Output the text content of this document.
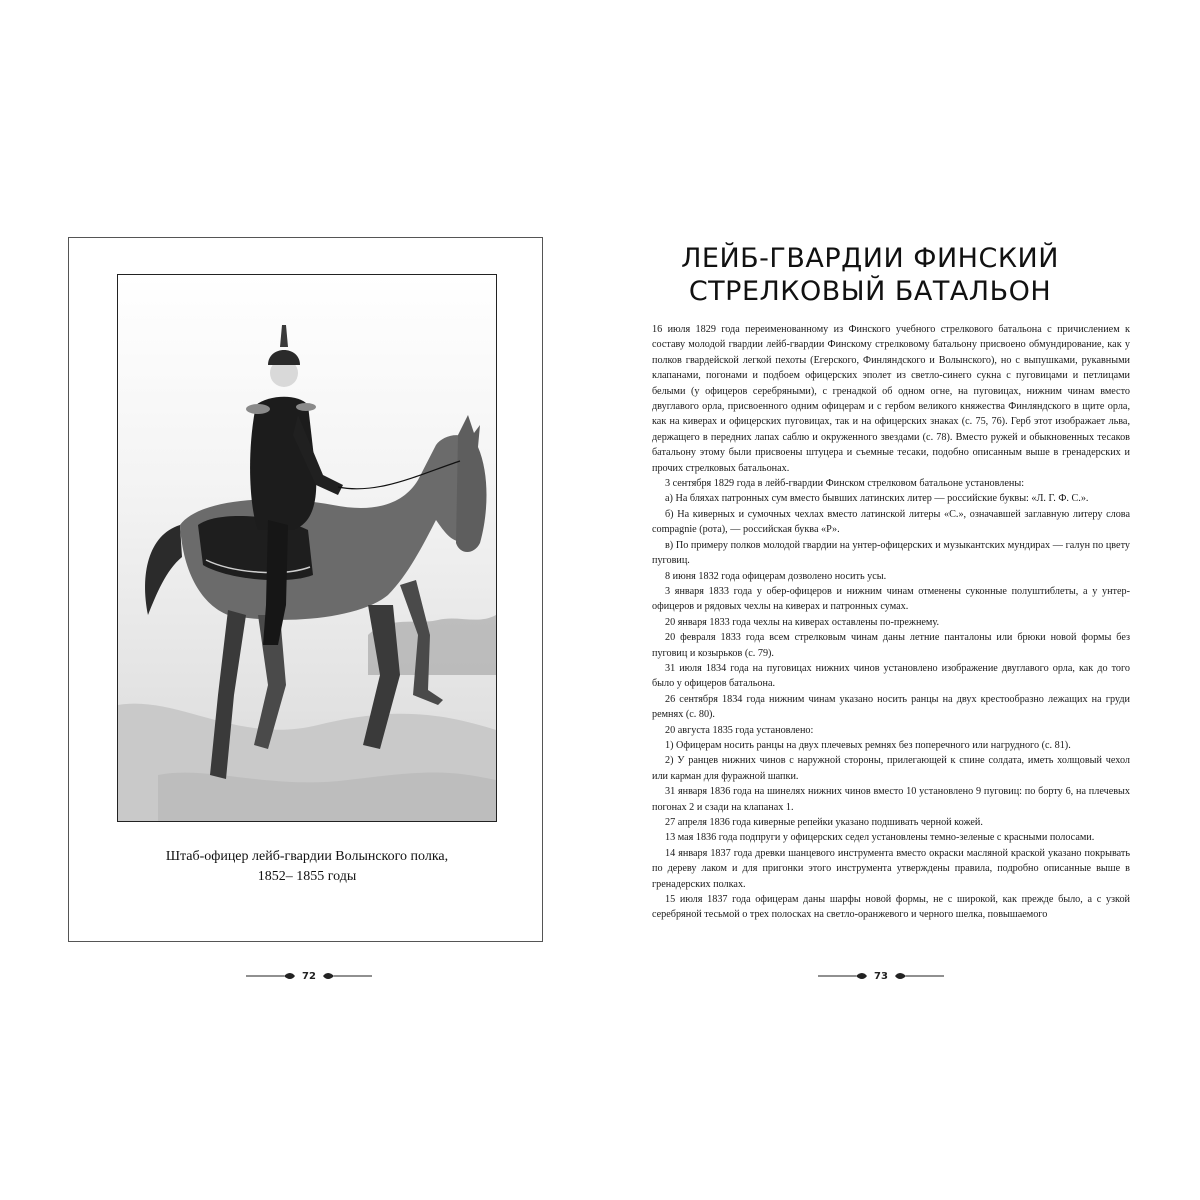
Штаб-офицер лейб-гвардии Волынского полка,
1852– 1855 годы
72
ЛЕЙБ-ГВАРДИИ ФИНСКИЙ
СТРЕЛКОВЫЙ БАТАЛЬОН

16 июля 1829 года переименованному из Финского учебного стрелкового батальона с причислением к составу молодой гвардии лейб-гвардии Финскому стрелковому батальону присвоено обмундирование, как у полков гвардейской легкой пехоты (Егерского, Финляндского и Волынского), но с выпушками, рукавными клапанами, погонами и подбоем офицерских эполет из светло-синего сукна с пуговицами и петлицами белыми (у офицеров серебряными), с гренадкой об одном огне, на пуговицах, нижним чинам вместо двуглавого орла, присвоенного одним офицерам и с гербом великого княжества Финляндского в щите орла, как на киверах и офицерских пуговицах, так и на офицерских знаках (с. 75, 76). Герб этот изображает льва, держащего в передних лапах саблю и окруженного звездами (с. 78). Вместо ружей и обыкновенных тесаков батальону этому были присвоены штуцера и съемные тесаки, подобно описанным выше в гренадерских и прочих стрелковых батальонах.

3 сентября 1829 года в лейб-гвардии Финском стрелковом батальоне установлены:

а) На бляхах патронных сум вместо бывших латинских литер — российские буквы: «Л. Г. Ф. С.».

б) На киверных и сумочных чехлах вместо латинской литеры «С.», означавшей заглавную литеру слова compagnie (рота), — российская буква «Р».

в) По примеру полков молодой гвардии на унтер-офицерских и музыкантских мундирах — галун по цвету пуговиц.

8 июня 1832 года офицерам дозволено носить усы.

3 января 1833 года у обер-офицеров и нижним чинам отменены суконные полуштиблеты, а у унтер-офицеров и рядовых чехлы на киверах и патронных сумах.

20 января 1833 года чехлы на киверах оставлены по-прежнему.

20 февраля 1833 года всем стрелковым чинам даны летние панталоны или брюки новой формы без пуговиц и козырьков (с. 79).

31 июля 1834 года на пуговицах нижних чинов установлено изображение двуглавого орла, как до того было у офицеров батальона.

26 сентября 1834 года нижним чинам указано носить ранцы на двух крестообразно лежащих на груди ремнях (с. 80).

20 августа 1835 года установлено:

1) Офицерам носить ранцы на двух плечевых ремнях без поперечного или нагрудного (с. 81).

2) У ранцев нижних чинов с наружной стороны, прилегающей к спине солдата, иметь холщовый чехол или карман для фуражной шапки.

31 января 1836 года на шинелях нижних чинов вместо 10 установлено 9 пуговиц: по борту 6, на плечевых погонах 2 и сзади на клапанах 1.

27 апреля 1836 года киверные репейки указано подшивать черной кожей.

13 мая 1836 года подпруги у офицерских седел установлены темно-зеленые с красными полосами.

14 января 1837 года древки шанцевого инструмента вместо окраски масляной краской указано покрывать по дереву лаком и для пригонки этого инструмента утверждены правила, подробно описанные выше в гренадерских полках.

15 июля 1837 года офицерам даны шарфы новой формы, не с широкой, как прежде было, а с узкой серебряной тесьмой о трех полосках на светло-оранжевого и черного шелка, повышаемого

73
